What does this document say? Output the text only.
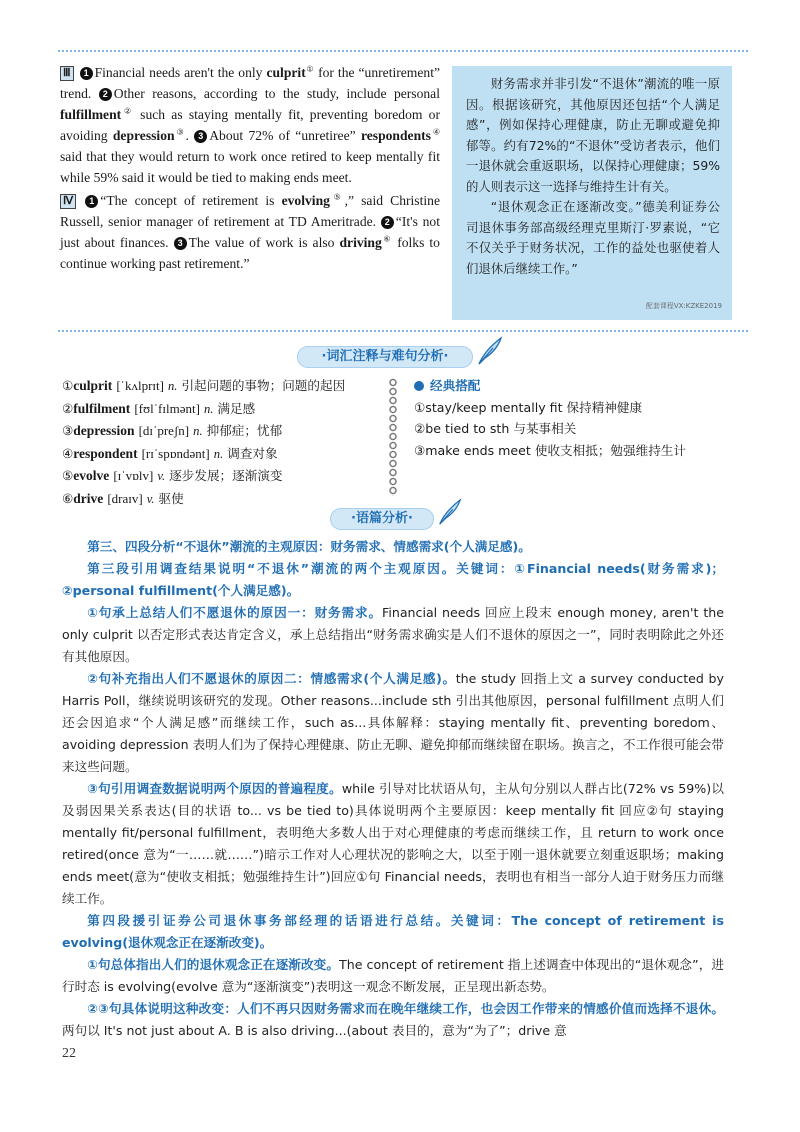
Ⅲ 1 Financial needs aren't the only culprit① for the “unretirement” trend. 2 Other reasons, according to the study, include personal fulfillment② such as staying mentally fit, preventing boredom or avoiding depression③. 3 About 72% of “unretiree” respondents④ said that they would return to work once retired to keep mentally fit while 59% said it would be tied to making ends meet.

Ⅳ 1 “The concept of retirement is evolving⑤,” said Christine Russell, senior manager of retirement at TD Ameritrade. 2 “It's not just about finances. 3 The value of work is also driving⑥ folks to continue working past retirement.”

财务需求并非引发“不退休”潮流的唯一原因。根据该研究，其他原因还包括“个人满足感”，例如保持心理健康，防止无聊或避免抑郁等。约有72%的“不退休”受访者表示，他们一退休就会重返职场，以保持心理健康；59%的人则表示这一选择与维持生计有关。

“退休观念正在逐渐改变。”德美利证券公司退休事务部高级经理克里斯汀·罗素说，“它不仅关乎于财务状况，工作的益处也驱使着人们退休后继续工作。”

配套课程VX:KZKE2019
·词汇注释与难句分析·
①culprit [ˈkʌlprɪt] n. 引起问题的事物；问题的起因
②fulfilment [fʊlˈfɪlmənt] n. 满足感
③depression [dɪˈpreʃn] n. 抑郁症；忧郁
④respondent [rɪˈspɒndənt] n. 调查对象
⑤evolve [ɪˈvɒlv] v. 逐步发展；逐渐演变
⑥drive [draɪv] v. 驱使
经典搭配
①stay/keep mentally fit 保持精神健康
②be tied to sth 与某事相关
③make ends meet 使收支相抵；勉强维持生计
·语篇分析·

第三、四段分析“不退休”潮流的主观原因：财务需求、情感需求(个人满足感)。

第三段引用调查结果说明“不退休”潮流的两个主观原因。关键词：①Financial needs(财务需求)；②personal fulfillment(个人满足感)。

①句承上总结人们不愿退休的原因一：财务需求。Financial needs 回应上段末 enough money, aren't the only culprit 以否定形式表达肯定含义，承上总结指出“财务需求确实是人们不退休的原因之一”，同时表明除此之外还有其他原因。

②句补充指出人们不愿退休的原因二：情感需求(个人满足感)。the study 回指上文 a survey conducted by Harris Poll，继续说明该研究的发现。Other reasons...include sth 引出其他原因，personal fulfillment 点明人们还会因追求“个人满足感”而继续工作，such as...具体解释：staying mentally fit、preventing boredom、avoiding depression 表明人们为了保持心理健康、防止无聊、避免抑郁而继续留在职场。换言之，不工作很可能会带来这些问题。

③句引用调查数据说明两个原因的普遍程度。while 引导对比状语从句，主从句分别以人群占比(72% vs 59%)以及弱因果关系表达(目的状语 to... vs be tied to)具体说明两个主要原因：keep mentally fit 回应②句 staying mentally fit/personal fulfillment，表明绝大多数人出于对心理健康的考虑而继续工作，且 return to work once retired(once 意为“一……就……”)暗示工作对人心理状况的影响之大，以至于刚一退休就要立刻重返职场；making ends meet(意为“使收支相抵；勉强维持生计”)回应①句 Financial needs，表明也有相当一部分人迫于财务压力而继续工作。

第四段援引证券公司退休事务部经理的话语进行总结。关键词：The concept of retirement is evolving(退休观念正在逐渐改变)。

①句总体指出人们的退休观念正在逐渐改变。The concept of retirement 指上述调查中体现出的“退休观念”，进行时态 is evolving(evolve 意为“逐渐演变”)表明这一观念不断发展，正呈现出新态势。

②③句具体说明这种改变：人们不再只因财务需求而在晚年继续工作，也会因工作带来的情感价值而选择不退休。两句以 It's not just about A. B is also driving...(about 表目的，意为“为了”；drive 意

22
